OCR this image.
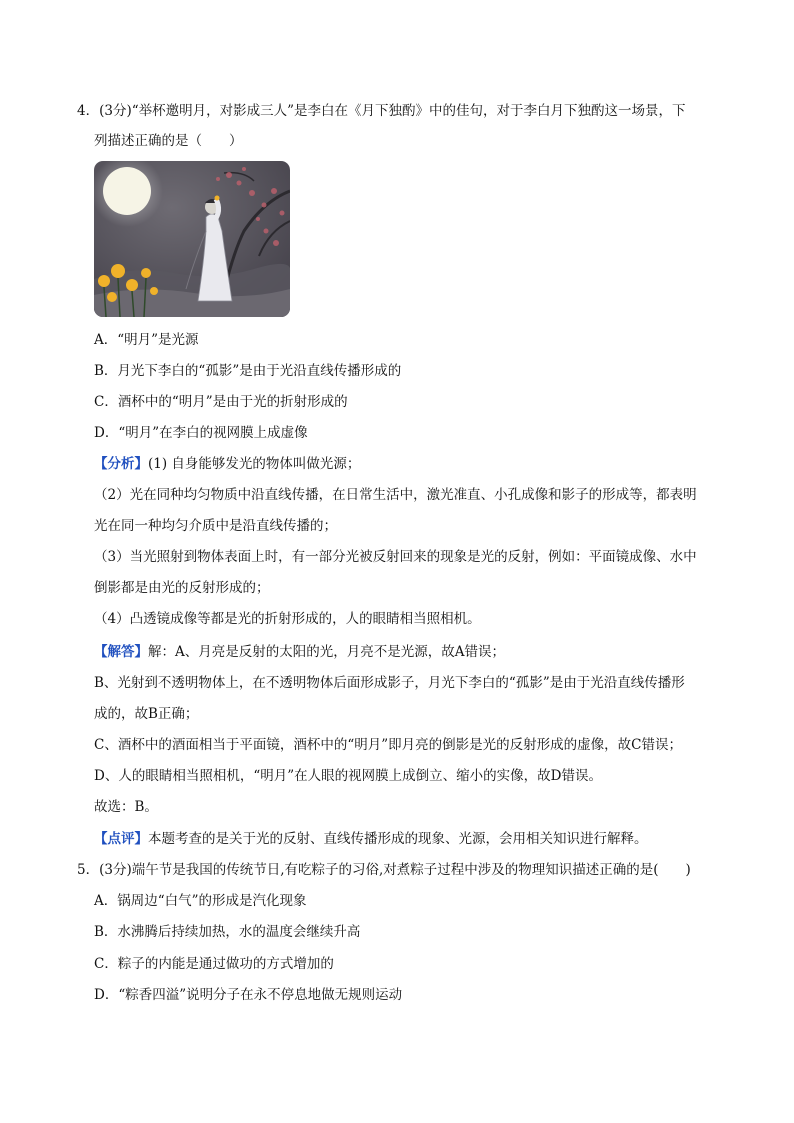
4．(3分)“举杯邀明月，对影成三人”是李白在《月下独酌》中的佳句，对于李白月下独酌这一场景，下
列描述正确的是（　　）
A．“明月”是光源
B．月光下李白的“孤影”是由于光沿直线传播形成的
C．酒杯中的“明月”是由于光的折射形成的
D．“明月”在李白的视网膜上成虚像
【分析】(1) 自身能够发光的物体叫做光源；
（2）光在同种均匀物质中沿直线传播，在日常生活中，激光准直、小孔成像和影子的形成等，都表明
光在同一种均匀介质中是沿直线传播的；
（3）当光照射到物体表面上时，有一部分光被反射回来的现象是光的反射，例如：平面镜成像、水中
倒影都是由光的反射形成的；
（4）凸透镜成像等都是光的折射形成的，人的眼睛相当照相机。
【解答】解：A、月亮是反射的太阳的光，月亮不是光源，故A错误；
B、光射到不透明物体上，在不透明物体后面形成影子，月光下李白的“孤影”是由于光沿直线传播形
成的，故B正确；
C、酒杯中的酒面相当于平面镜，酒杯中的“明月”即月亮的倒影是光的反射形成的虚像，故C错误；
D、人的眼睛相当照相机，“明月”在人眼的视网膜上成倒立、缩小的实像，故D错误。
故选：B。
【点评】本题考查的是关于光的反射、直线传播形成的现象、光源，会用相关知识进行解释。
5．(3分)端午节是我国的传统节日,有吃粽子的习俗,对煮粽子过程中涉及的物理知识描述正确的是(　　)
A．锅周边“白气”的形成是汽化现象
B．水沸腾后持续加热，水的温度会继续升高
C．粽子的内能是通过做功的方式增加的
D．“粽香四溢”说明分子在永不停息地做无规则运动
